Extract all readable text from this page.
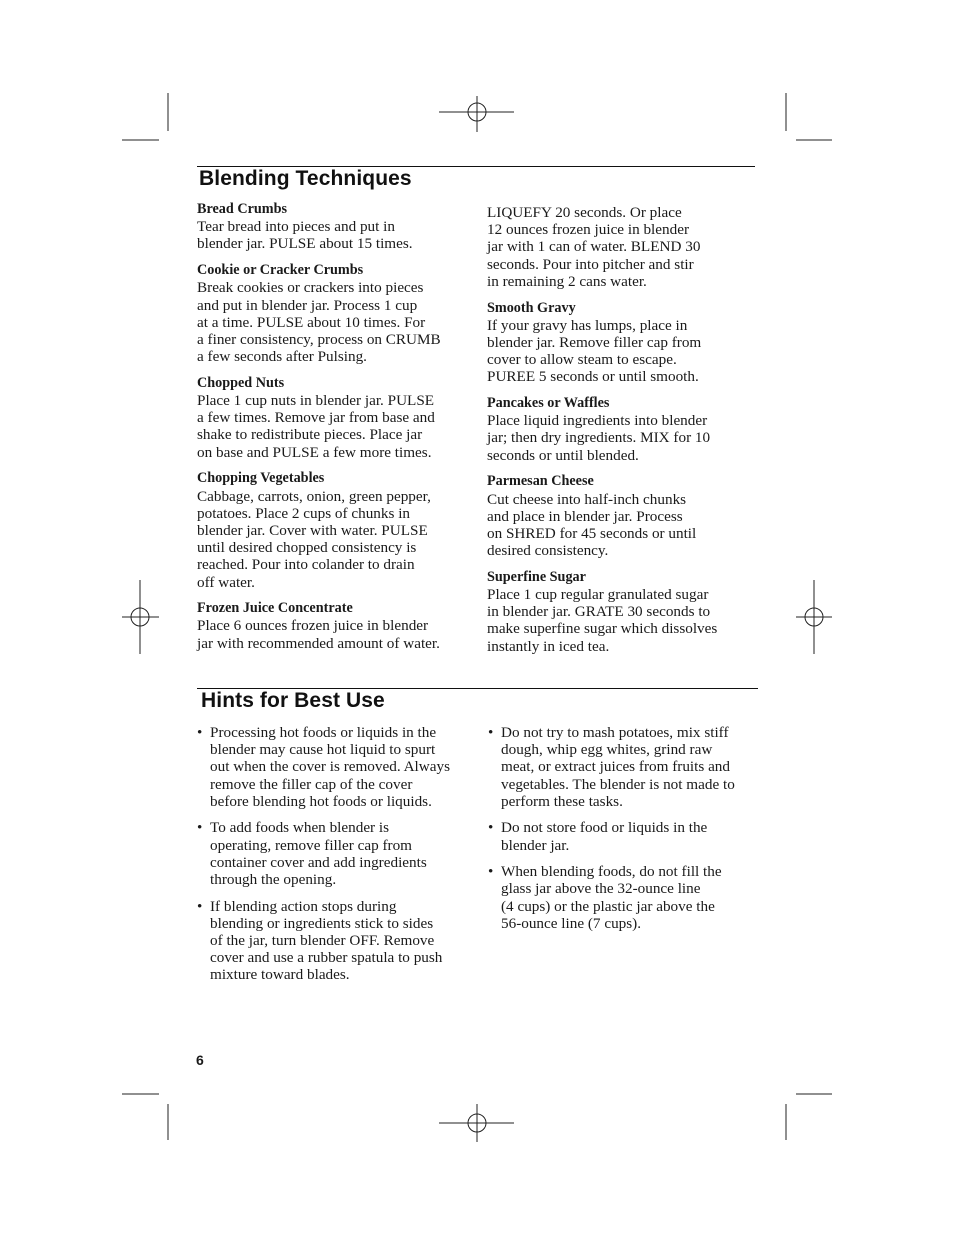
Blending Techniques
Bread Crumbs
Tear bread into pieces and put in
blender jar. PULSE about 15 times.
Cookie or Cracker Crumbs
Break cookies or crackers into pieces
and put in blender jar. Process 1 cup
at a time. PULSE about 10 times. For
a finer consistency, process on CRUMB
a few seconds after Pulsing.
Chopped Nuts
Place 1 cup nuts in blender jar. PULSE
a few times. Remove jar from base and
shake to redistribute pieces. Place jar
on base and PULSE a few more times.
Chopping Vegetables
Cabbage, carrots, onion, green pepper,
potatoes. Place 2 cups of chunks in
blender jar. Cover with water. PULSE
until desired chopped consistency is
reached. Pour into colander to drain
off water.
Frozen Juice Concentrate
Place 6 ounces frozen juice in blender
jar with recommended amount of water.
LIQUEFY 20 seconds. Or place
12 ounces frozen juice in blender
jar with 1 can of water. BLEND 30
seconds. Pour into pitcher and stir
in remaining 2 cans water.
Smooth Gravy
If your gravy has lumps, place in
blender jar. Remove filler cap from
cover to allow steam to escape.
PUREE 5 seconds or until smooth.
Pancakes or Waffles
Place liquid ingredients into blender
jar; then dry ingredients. MIX for 10
seconds or until blended.
Parmesan Cheese
Cut cheese into half-inch chunks
and place in blender jar. Process
on SHRED for 45 seconds or until
desired consistency.
Superfine Sugar
Place 1 cup regular granulated sugar
in blender jar. GRATE 30 seconds to
make superfine sugar which dissolves
instantly in iced tea.
Hints for Best Use
• Processing hot foods or liquids in the
blender may cause hot liquid to spurt
out when the cover is removed. Always
remove the filler cap of the cover
before blending hot foods or liquids.
• To add foods when blender is
operating, remove filler cap from
container cover and add ingredients
through the opening.
• If blending action stops during
blending or ingredients stick to sides
of the jar, turn blender OFF. Remove
cover and use a rubber spatula to push
mixture toward blades.
• Do not try to mash potatoes, mix stiff
dough, whip egg whites, grind raw
meat, or extract juices from fruits and
vegetables. The blender is not made to
perform these tasks.
• Do not store food or liquids in the
blender jar.
• When blending foods, do not fill the
glass jar above the 32-ounce line
(4 cups) or the plastic jar above the
56-ounce line (7 cups).
6
